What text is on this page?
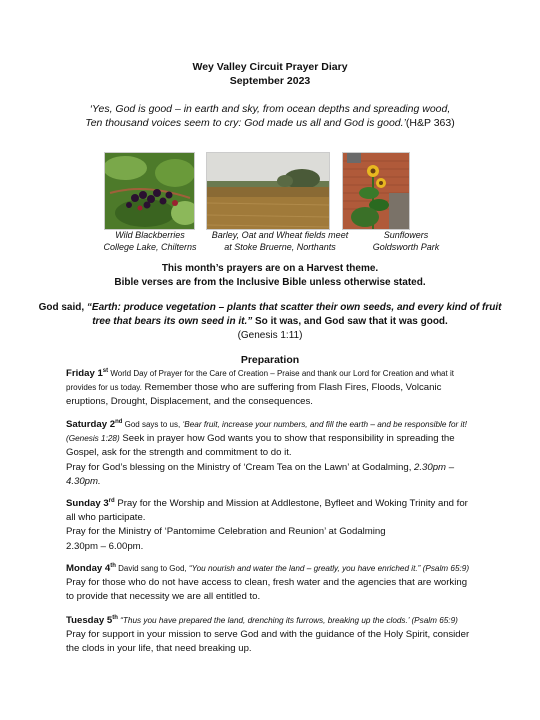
Wey Valley Circuit Prayer Diary
September 2023
‘Yes, God is good – in earth and sky, from ocean depths and spreading wood,
Ten thousand voices seem to cry: God made us all and God is good.’(H&P 363)
Wild Blackberries
College Lake, Chilterns
Barley, Oat and Wheat fields meet
at Stoke Bruerne, Northants
Sunflowers
Goldsworth Park
This month’s prayers are on a Harvest theme.
Bible verses are from the Inclusive Bible unless otherwise stated.
God said, “Earth: produce vegetation – plants that scatter their own seeds, and every kind of fruit tree that bears its own seed in it.” So it was, and God saw that it was good.
(Genesis 1:11)
Preparation

Friday 1st World Day of Prayer for the Care of Creation – Praise and thank our Lord for Creation and what it provides for us today. Remember those who are suffering from Flash Fires, Floods, Volcanic eruptions, Drought, Displacement, and the consequences.

Saturday 2nd God says to us, ‘Bear fruit, increase your numbers, and fill the earth – and be responsible for it! (Genesis 1:28) Seek in prayer how God wants you to show that responsibility in spreading the Gospel, ask for the strength and commitment to do it.

Pray for God’s blessing on the Ministry of ‘Cream Tea on the Lawn’ at Godalming, 2.30pm – 4.30pm.

Sunday 3rd Pray for the Worship and Mission at Addlestone, Byfleet and Woking Trinity and for all who participate.

Pray for the Ministry of ‘Pantomime Celebration and Reunion’ at Godalming

2.30pm – 6.00pm.

Monday 4th David sang to God, “You nourish and water the land – greatly, you have enriched it.” (Psalm 65:9) Pray for those who do not have access to clean, fresh water and the agencies that are working to provide that necessity we are all entitled to.

Tuesday 5th “Thus you have prepared the land, drenching its furrows, breaking up the clods.’ (Psalm 65:9) Pray for support in your mission to serve God and with the guidance of the Holy Spirit, consider the clods in your life, that need breaking up.
